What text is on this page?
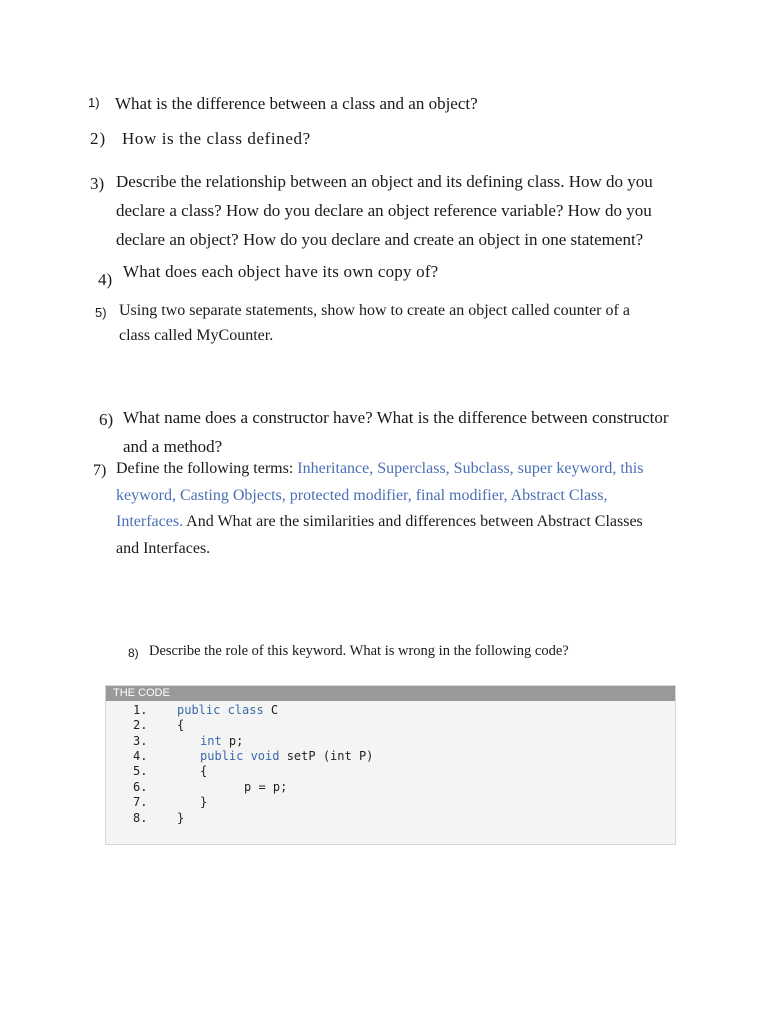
1) What is the difference between a class and an object?
2) How is the class defined?
3) Describe the relationship between an object and its defining class. How do you
declare a class? How do you declare an object reference variable? How do you
declare an object? How do you declare and create an object in one statement?
4) What does each object have its own copy of?
5) Using two separate statements, show how to create an object called counter of a
class called MyCounter.
6) What name does a constructor have? What is the difference between constructor
and a method?
7) Define the following terms: Inheritance, Superclass, Subclass, super keyword, this
keyword, Casting Objects, protected modifier, final modifier, Abstract Class,
Interfaces. And What are the similarities and differences between Abstract Classes
and Interfaces.
8) Describe the role of this keyword. What is wrong in the following code?
THE CODE
1. public class C
2. {
3.	int p;
4.	public void setP (int P)
5.	{
6.	p = p;
7.	}
8. }
